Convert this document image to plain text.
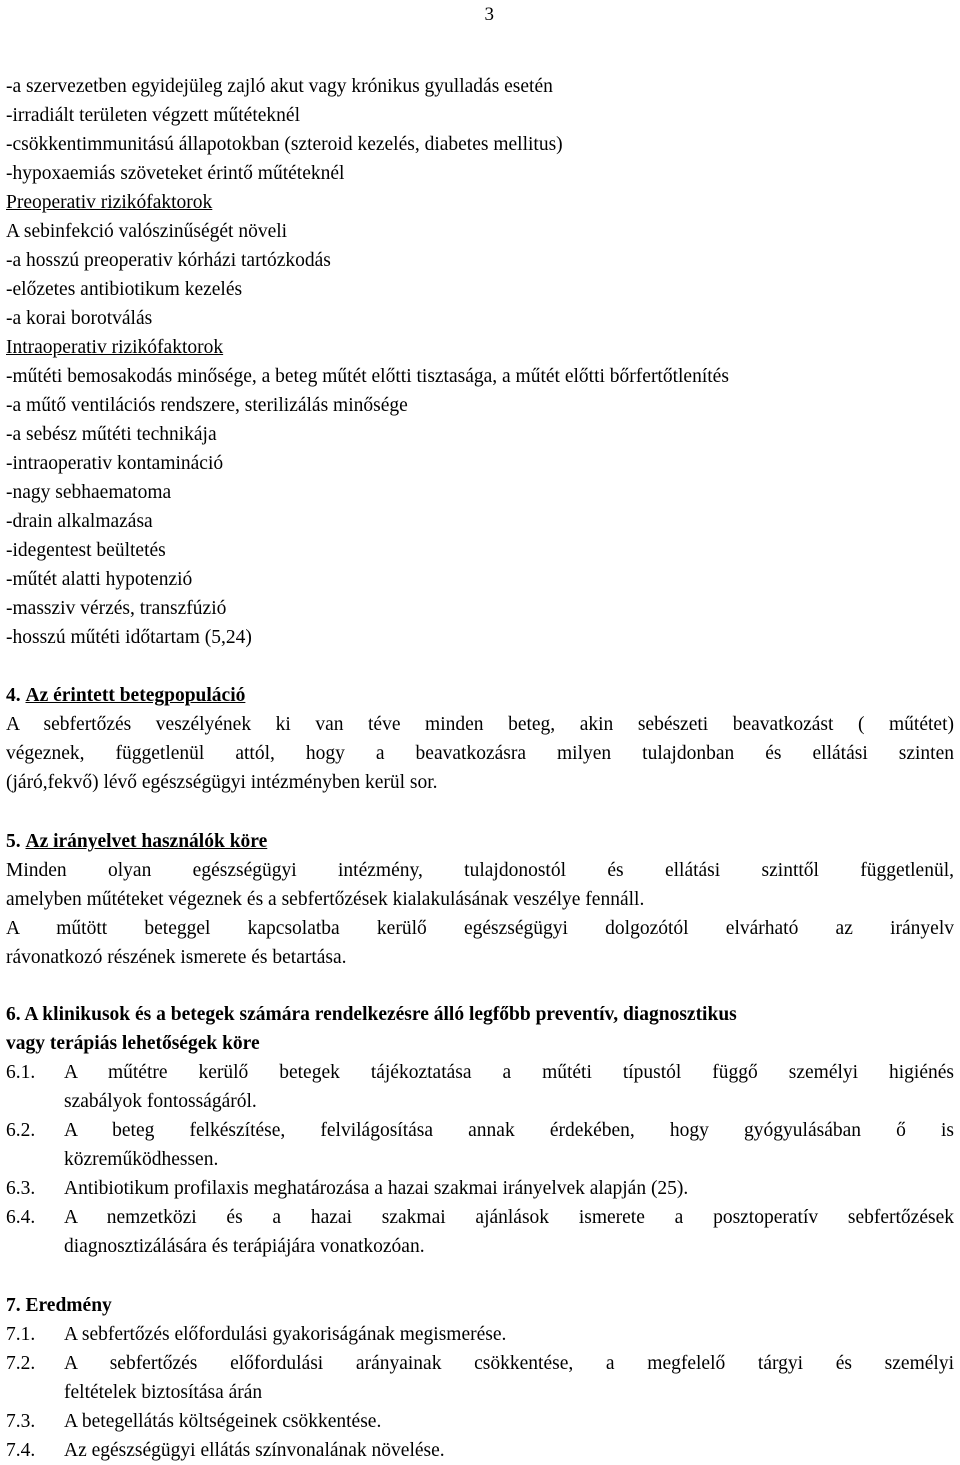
3
-a szervezetben egyidejüleg zajló akut vagy krónikus gyulladás esetén
-irradiált területen végzett műtéteknél
-csökkentimmunitású állapotokban (szteroid kezelés, diabetes mellitus)
-hypoxaemiás szöveteket érintő műtéteknél
Preoperativ rizikófaktorok
A sebinfekció valószinűségét növeli
-a hosszú preoperativ kórházi tartózkodás
-előzetes antibiotikum kezelés
-a korai borotválás
Intraoperativ rizikófaktorok
-műtéti bemosakodás minősége, a beteg műtét előtti tisztasága, a műtét előtti bőrfertőtlenítés
-a műtő ventilációs rendszere, sterilizálás minősége
-a sebész műtéti technikája
-intraoperativ kontamináció
-nagy sebhaematoma
-drain alkalmazása
-idegentest beültetés
-műtét alatti hypotenzió
-massziv vérzés, transzfúzió
-hosszú műtéti időtartam (5,24)
4. Az érintett betegpopuláció
A sebfertőzés veszélyének ki van téve minden beteg, akin sebészeti beavatkozást ( műtétet)
végeznek, függetlenül attól, hogy a beavatkozásra milyen tulajdonban és ellátási szinten
(járó,fekvő) lévő egészségügyi intézményben kerül sor.
5. Az irányelvet használók köre
Minden olyan egészségügyi intézmény, tulajdonostól és ellátási szinttől függetlenül,
amelyben műtéteket végeznek és a sebfertőzések kialakulásának veszélye fennáll.
A műtött beteggel kapcsolatba kerülő egészségügyi dolgozótól elvárható az irányelv
rávonatkozó részének ismerete és betartása.
6. A klinikusok és a betegek számára rendelkezésre álló legfőbb preventív, diagnosztikus
vagy terápiás lehetőségek köre
6.1.	A műtétre kerülő betegek tájékoztatása a műtéti típustól függő személyi higiénés
szabályok fontosságáról.
6.2.	A beteg felkészítése, felvilágosítása annak érdekében, hogy gyógyulásában ő is
közreműködhessen.
6.3.	Antibiotikum profilaxis meghatározása a hazai szakmai irányelvek alapján (25).
6.4.	A nemzetközi és a hazai szakmai ajánlások ismerete a posztoperatív sebfertőzések
diagnosztizálására és terápiájára vonatkozóan.
7. Eredmény
7.1.	A sebfertőzés előfordulási gyakoriságának megismerése.
7.2.	A sebfertőzés előfordulási arányainak csökkentése, a megfelelő tárgyi és személyi
feltételek biztosítása árán
7.3.	A betegellátás költségeinek csökkentése.
7.4.	Az egészségügyi ellátás színvonalának növelése.
